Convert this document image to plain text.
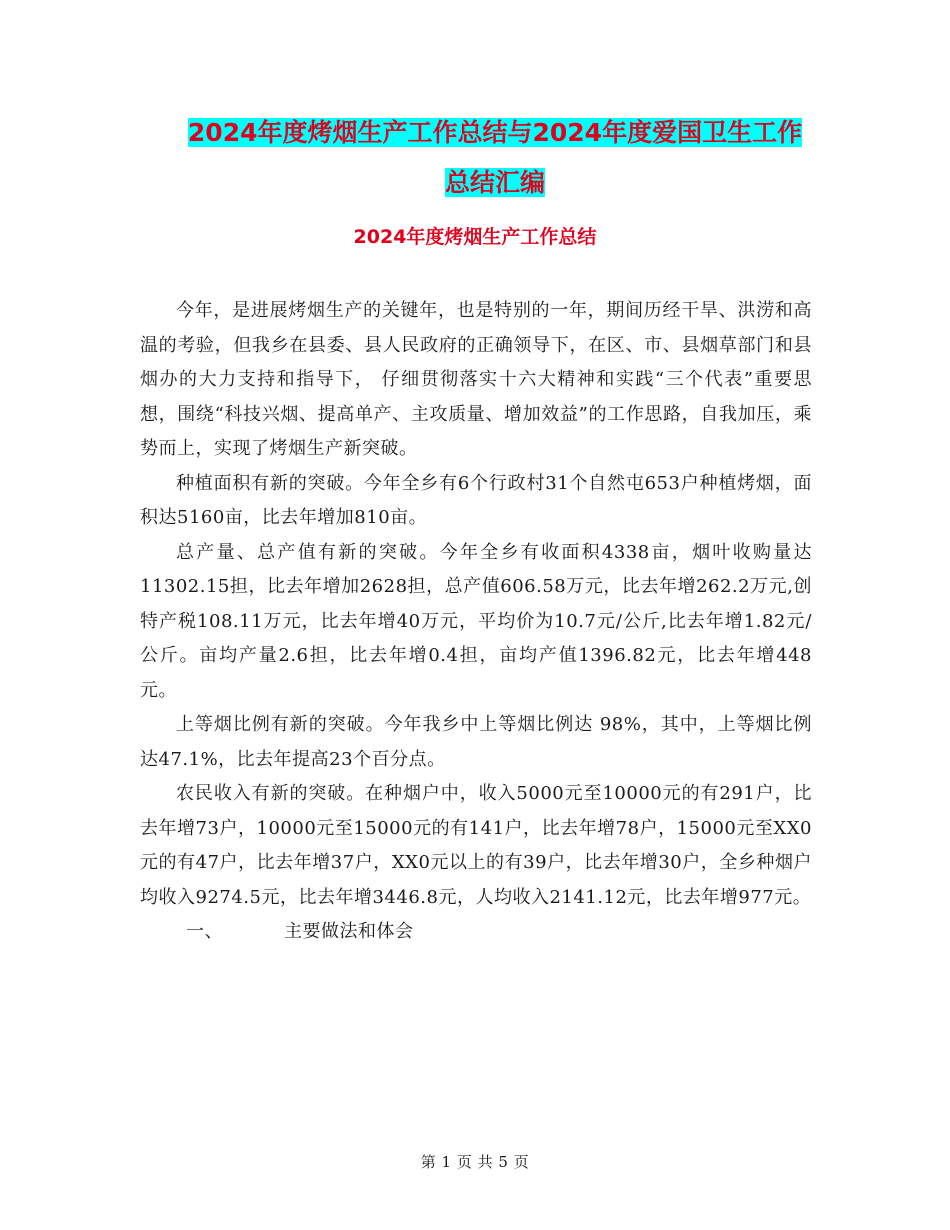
2024年度烤烟生产工作总结与2024年度爱国卫生工作
总结汇编
2024年度烤烟生产工作总结

今年，是进展烤烟生产的关键年，也是特别的一年，期间历经干旱、洪涝和高温的考验，但我乡在县委、县人民政府的正确领导下，在区、市、县烟草部门和县烟办的大力支持和指导下， 仔细贯彻落实十六大精神和实践“三个代表”重要思想，围绕“科技兴烟、提高单产、主攻质量、增加效益”的工作思路，自我加压，乘势而上，实现了烤烟生产新突破。

种植面积有新的突破。今年全乡有6个行政村31个自然屯653户种植烤烟，面积达5160亩，比去年增加810亩。

总产量、总产值有新的突破。今年全乡有收面积4338亩，烟叶收购量达11302.15担，比去年增加2628担，总产值606.58万元，比去年增262.2万元,创特产税108.11万元，比去年增40万元，平均价为10.7元/公斤,比去年增1.82元/公斤。亩均产量2.6担，比去年增0.4担，亩均产值1396.82元，比去年增448元。

上等烟比例有新的突破。今年我乡中上等烟比例达 98%，其中，上等烟比例达47.1%，比去年提高23个百分点。

农民收入有新的突破。在种烟户中，收入5000元至10000元的有291户，比去年增73户，10000元至15000元的有141户，比去年增78户，15000元至XX0元的有47户，比去年增37户，XX0元以上的有39户，比去年增30户，全乡种烟户均收入9274.5元，比去年增3446.8元，人均收入2141.12元，比去年增977元。

一、	主要做法和体会
第 1 页 共 5 页
